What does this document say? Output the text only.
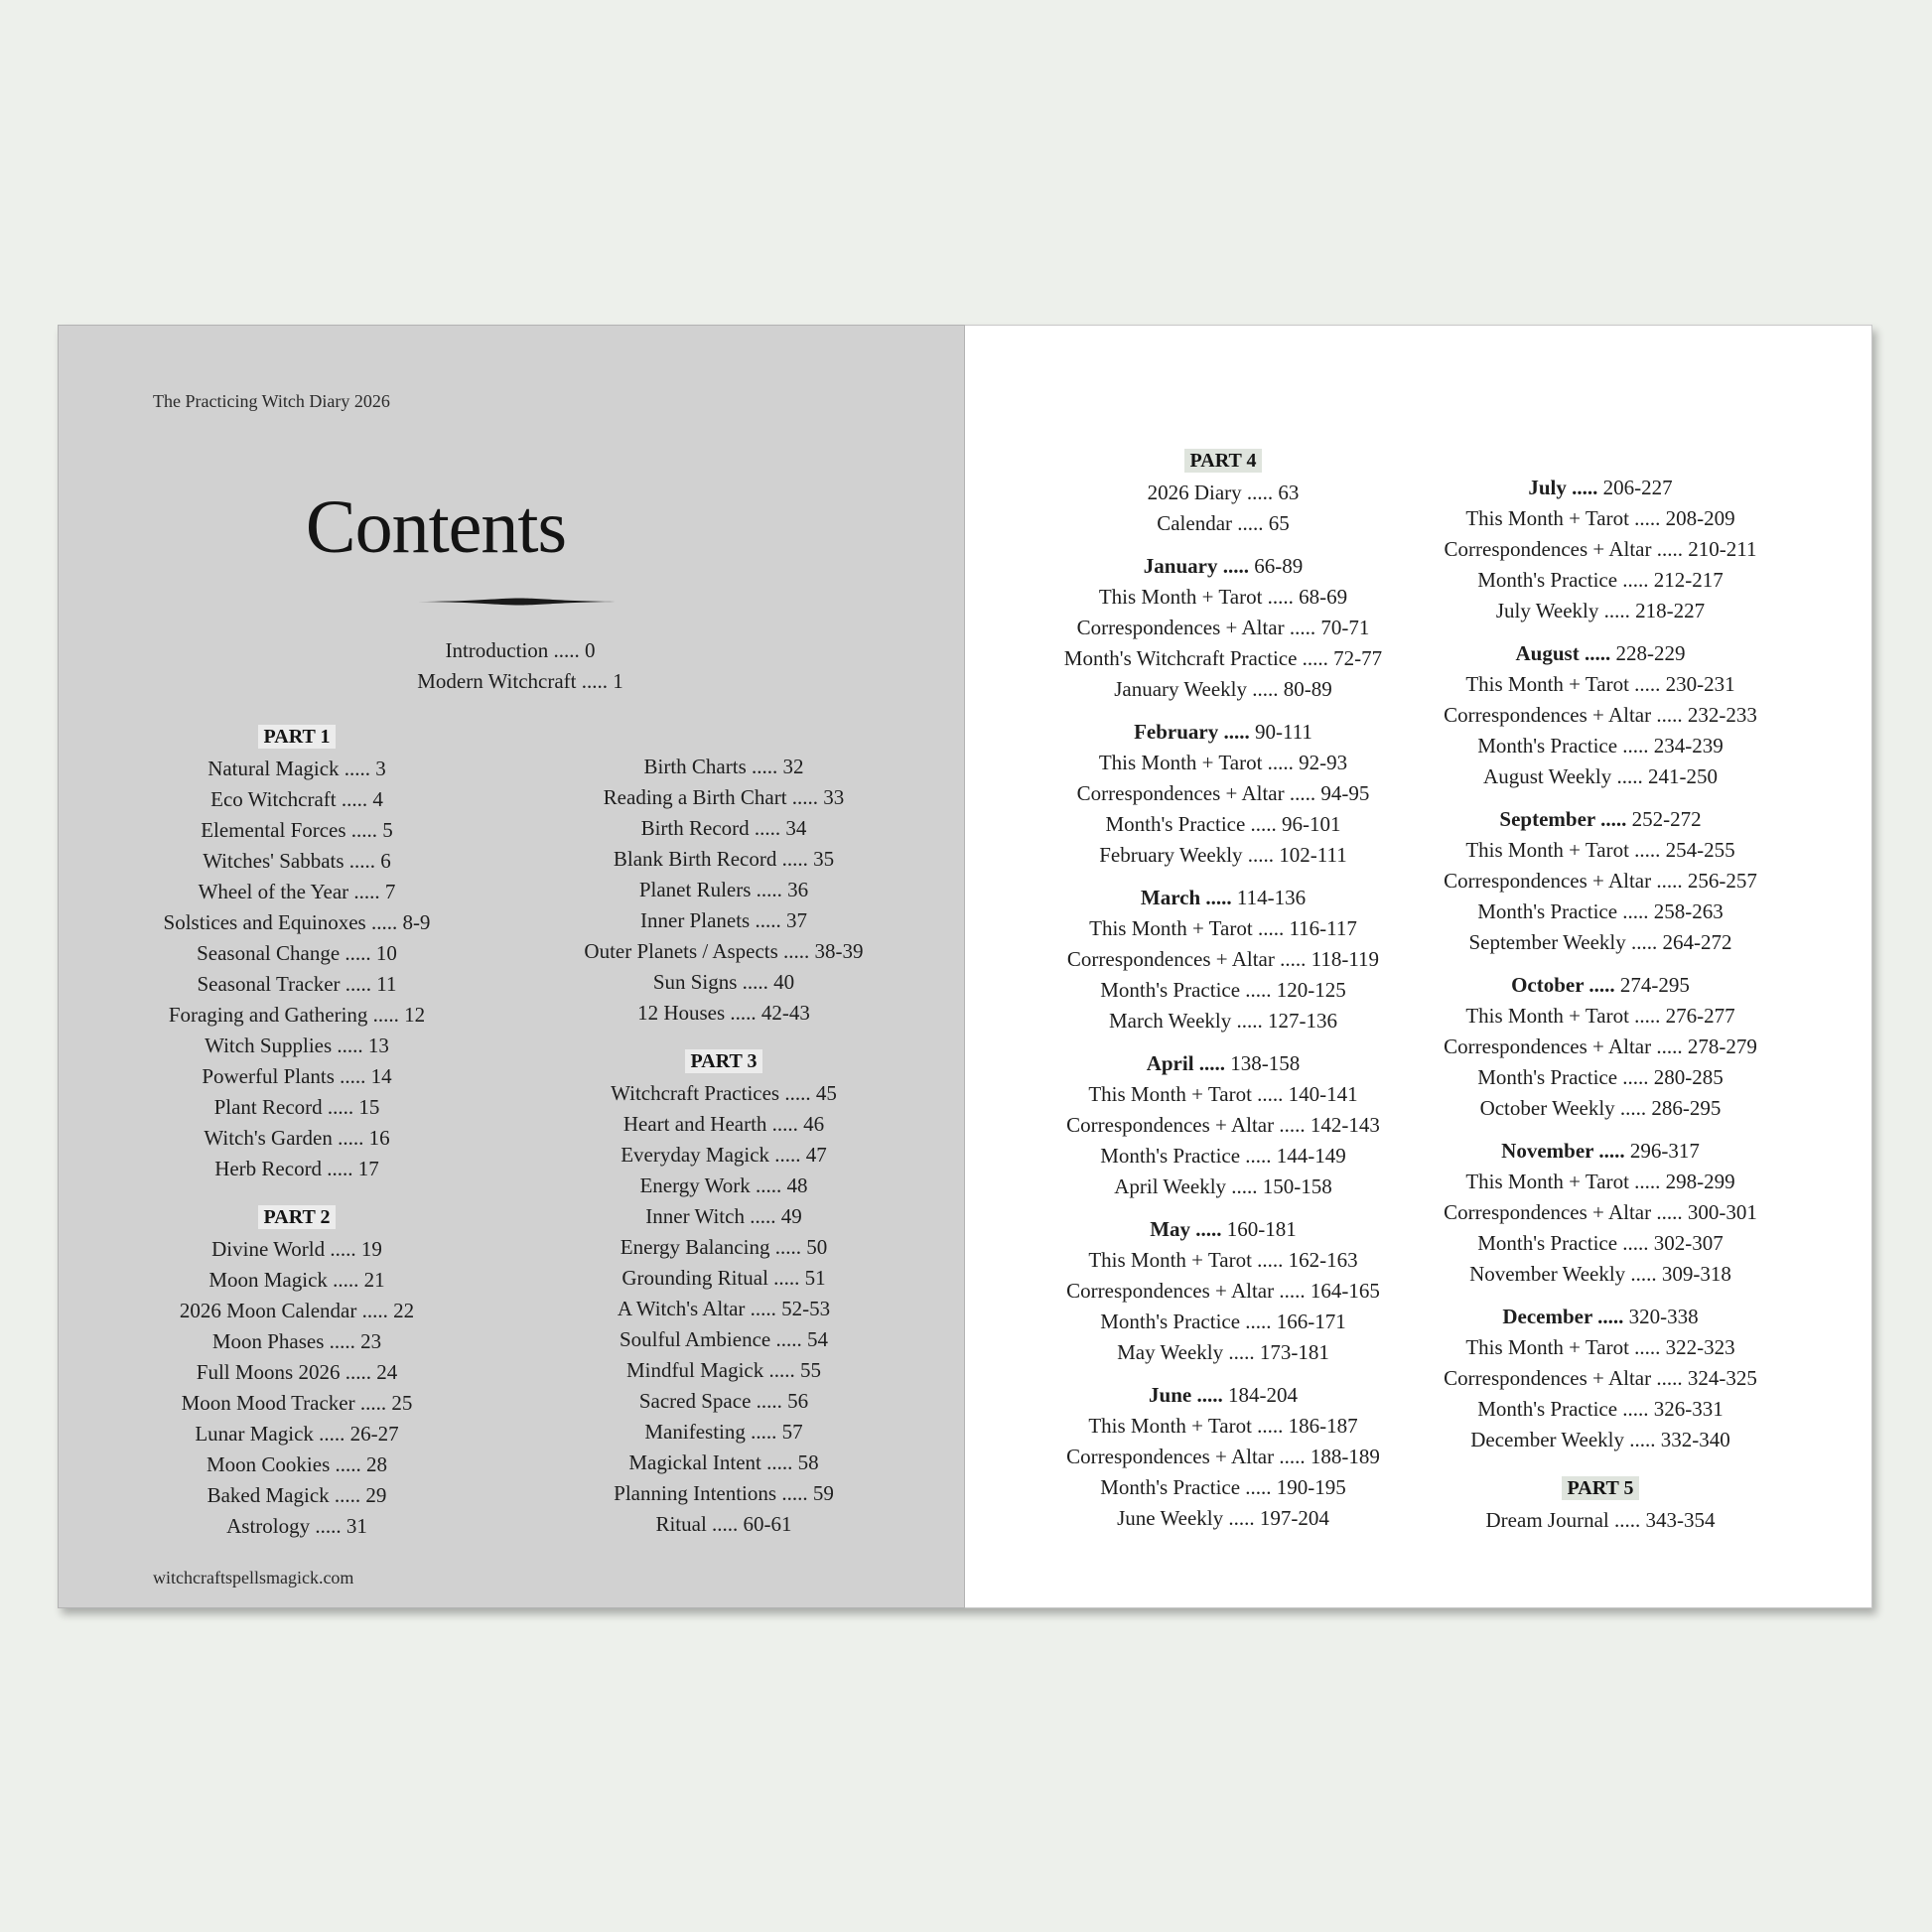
The Practicing Witch Diary 2026
Contents
Introduction ..... 0
Modern Witchcraft ..... 1
PART 1
Natural Magick ..... 3
Eco Witchcraft ..... 4
Elemental Forces ..... 5
Witches' Sabbats ..... 6
Wheel of the Year ..... 7
Solstices and Equinoxes ..... 8-9
Seasonal Change ..... 10
Seasonal Tracker ..... 11
Foraging and Gathering ..... 12
Witch Supplies ..... 13
Powerful Plants ..... 14
Plant Record ..... 15
Witch's Garden ..... 16
Herb Record ..... 17
PART 2
Divine World ..... 19
Moon Magick ..... 21
2026 Moon Calendar ..... 22
Moon Phases ..... 23
Full Moons 2026 ..... 24
Moon Mood Tracker ..... 25
Lunar Magick ..... 26-27
Moon Cookies ..... 28
Baked Magick ..... 29
Astrology ..... 31
Birth Charts ..... 32
Reading a Birth Chart ..... 33
Birth Record ..... 34
Blank Birth Record ..... 35
Planet Rulers ..... 36
Inner Planets ..... 37
Outer Planets / Aspects ..... 38-39
Sun Signs ..... 40
12 Houses ..... 42-43
PART 3
Witchcraft Practices ..... 45
Heart and Hearth ..... 46
Everyday Magick ..... 47
Energy Work ..... 48
Inner Witch ..... 49
Energy Balancing ..... 50
Grounding Ritual ..... 51
A Witch's Altar ..... 52-53
Soulful Ambience ..... 54
Mindful Magick ..... 55
Sacred Space ..... 56
Manifesting ..... 57
Magickal Intent ..... 58
Planning Intentions ..... 59
Ritual ..... 60-61
witchcraftspellsmagick.com
PART 4
2026 Diary ..... 63
Calendar ..... 65
January ..... 66-89
This Month + Tarot ..... 68-69
Correspondences + Altar ..... 70-71
Month's Witchcraft Practice ..... 72-77
January Weekly ..... 80-89
February ..... 90-111
This Month + Tarot ..... 92-93
Correspondences + Altar ..... 94-95
Month's Practice ..... 96-101
February Weekly ..... 102-111
March ..... 114-136
This Month + Tarot ..... 116-117
Correspondences + Altar ..... 118-119
Month's Practice ..... 120-125
March Weekly ..... 127-136
April ..... 138-158
This Month + Tarot ..... 140-141
Correspondences + Altar ..... 142-143
Month's Practice ..... 144-149
April Weekly ..... 150-158
May ..... 160-181
This Month + Tarot ..... 162-163
Correspondences + Altar ..... 164-165
Month's Practice ..... 166-171
May Weekly ..... 173-181
June ..... 184-204
This Month + Tarot ..... 186-187
Correspondences + Altar ..... 188-189
Month's Practice ..... 190-195
June Weekly ..... 197-204
July ..... 206-227
This Month + Tarot ..... 208-209
Correspondences + Altar ..... 210-211
Month's Practice ..... 212-217
July Weekly ..... 218-227
August ..... 228-229
This Month + Tarot ..... 230-231
Correspondences + Altar ..... 232-233
Month's Practice ..... 234-239
August Weekly ..... 241-250
September ..... 252-272
This Month + Tarot ..... 254-255
Correspondences + Altar ..... 256-257
Month's Practice ..... 258-263
September Weekly ..... 264-272
October ..... 274-295
This Month + Tarot ..... 276-277
Correspondences + Altar ..... 278-279
Month's Practice ..... 280-285
October Weekly ..... 286-295
November ..... 296-317
This Month + Tarot ..... 298-299
Correspondences + Altar ..... 300-301
Month's Practice ..... 302-307
November Weekly ..... 309-318
December ..... 320-338
This Month + Tarot ..... 322-323
Correspondences + Altar ..... 324-325
Month's Practice ..... 326-331
December Weekly ..... 332-340
PART 5
Dream Journal ..... 343-354
